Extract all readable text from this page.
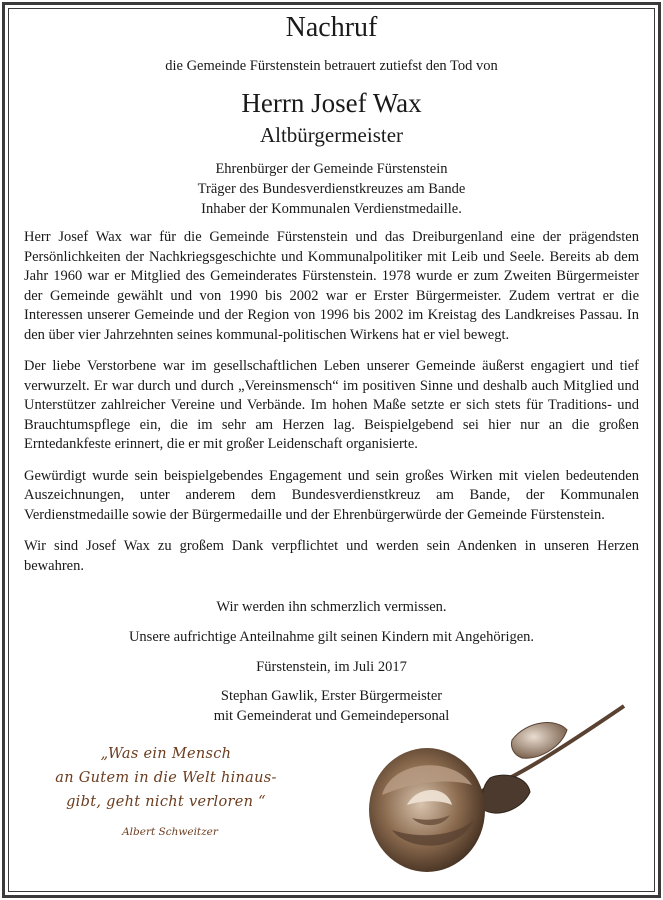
Nachruf
die Gemeinde Fürstenstein betrauert zutiefst den Tod von
Herrn Josef Wax
Altbürgermeister
Ehrenbürger der Gemeinde Fürstenstein
Träger des Bundesverdienstkreuzes am Bande
Inhaber der Kommunalen Verdienstmedaille.

Herr Josef Wax war für die Gemeinde Fürstenstein und das Dreiburgenland eine der prägendsten Persönlichkeiten der Nachkriegsgeschichte und Kommunalpolitiker mit Leib und Seele. Bereits ab dem Jahr 1960 war er Mitglied des Gemeinderates Fürstenstein. 1978 wurde er zum Zweiten Bürgermeister der Gemeinde gewählt und von 1990 bis 2002 war er Erster Bürgermeister. Zudem vertrat er die Interessen unserer Gemeinde und der Region von 1996 bis 2002 im Kreistag des Landkreises Passau. In den über vier Jahrzehnten seines kommunal-politischen Wirkens hat er viel bewegt.

Der liebe Verstorbene war im gesellschaftlichen Leben unserer Gemeinde äußerst engagiert und tief verwurzelt. Er war durch und durch „Vereinsmensch“ im positiven Sinne und deshalb auch Mitglied und Unterstützer zahlreicher Vereine und Verbände. Im hohen Maße setzte er sich stets für Traditions- und Brauchtumspflege ein, die im sehr am Herzen lag. Beispielgebend sei hier nur an die großen Erntedankfeste erinnert, die er mit großer Leidenschaft organisierte.

Gewürdigt wurde sein beispielgebendes Engagement und sein großes Wirken mit vielen bedeutenden Auszeichnungen, unter anderem dem Bundesverdienstkreuz am Bande, der Kommunalen Verdienstmedaille sowie der Bürgermedaille und der Ehrenbürgerwürde der Gemeinde Fürstenstein.

Wir sind Josef Wax zu großem Dank verpflichtet und werden sein Andenken in unseren Herzen bewahren.

Wir werden ihn schmerzlich vermissen.
Unsere aufrichtige Anteilnahme gilt seinen Kindern mit Angehörigen.
Fürstenstein, im Juli 2017
Stephan Gawlik, Erster Bürgermeister
mit Gemeinderat und Gemeindepersonal
„Was ein Mensch
an Gutem in die Welt hinaus-
gibt, geht nicht verloren “
Albert Schweitzer
